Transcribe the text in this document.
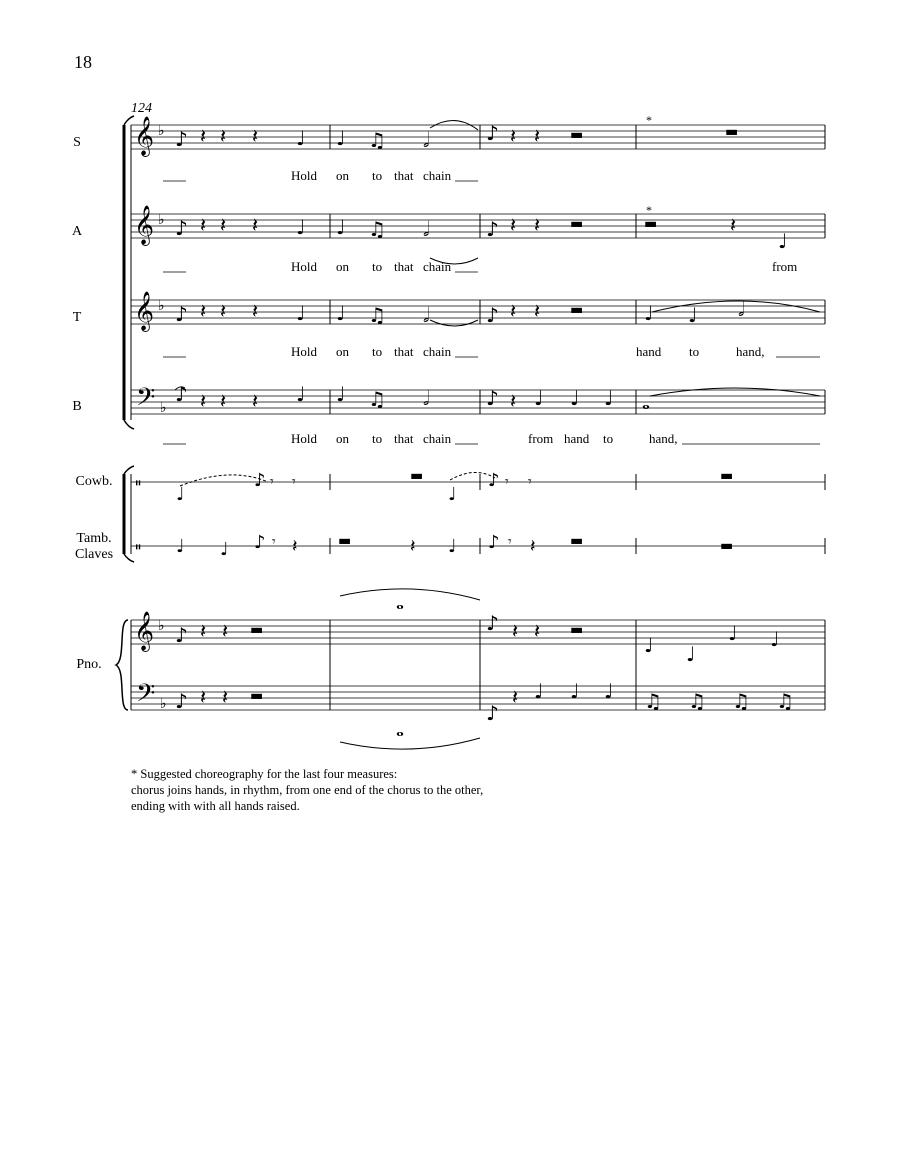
18
124
S
A
T
B
Cowb.
Tamb.
Claves
Pno.
Hold on to that chain
Hold on to that chain	from
Hold on to that chain	hand to	hand,
Hold on to that chain	from hand to	hand,
*
*
𝄞
𝄞
𝄞
𝄢
𝄞
𝄢
♭
♭
♭
♭
♭
♭
𝄥
𝄥
♪ 𝄽 𝄽 𝄽 ♩ ♩ ♫ 𝅗𝅥	♪ 𝄽 𝄽 ▬	▬
♪ 𝄽 𝄽 𝄽 ♩ ♩ ♫ 𝅗𝅥	♪ 𝄽 𝄽 ▬	▬	𝄽
♩
♪ 𝄽 𝄽 𝄽 ♩ ♩ ♫ 𝅗𝅥	♪ 𝄽 𝄽 ▬	♩ ♩ 𝅗𝅥
♪ 𝄽 𝄽 𝄽 ♩ ♩ ♫ 𝅗𝅥	♪ 𝄽 ♩ ♩ ♩ 𝅝
♩
♪ 𝄾 𝄾	▬
♩
♪ 𝄾 𝄾	▬
♩ ♩ ♪ 𝄾 𝄽	▬	𝄽 ♩ ♪ 𝄾 𝄽 ▬	▬
♪ 𝄽 𝄽 ▬
𝅝
♪ 𝄽 𝄽 ▬
♩ ♩
♩ ♩
♪ 𝄽 𝄽 ▬
𝅝
♪
𝄽 ♩ ♩ ♩ ♫ ♫ ♫ ♫
* Suggested choreography for the last four measures:
chorus joins hands, in rhythm, from one end of the chorus to the other,
ending with with all hands raised.
